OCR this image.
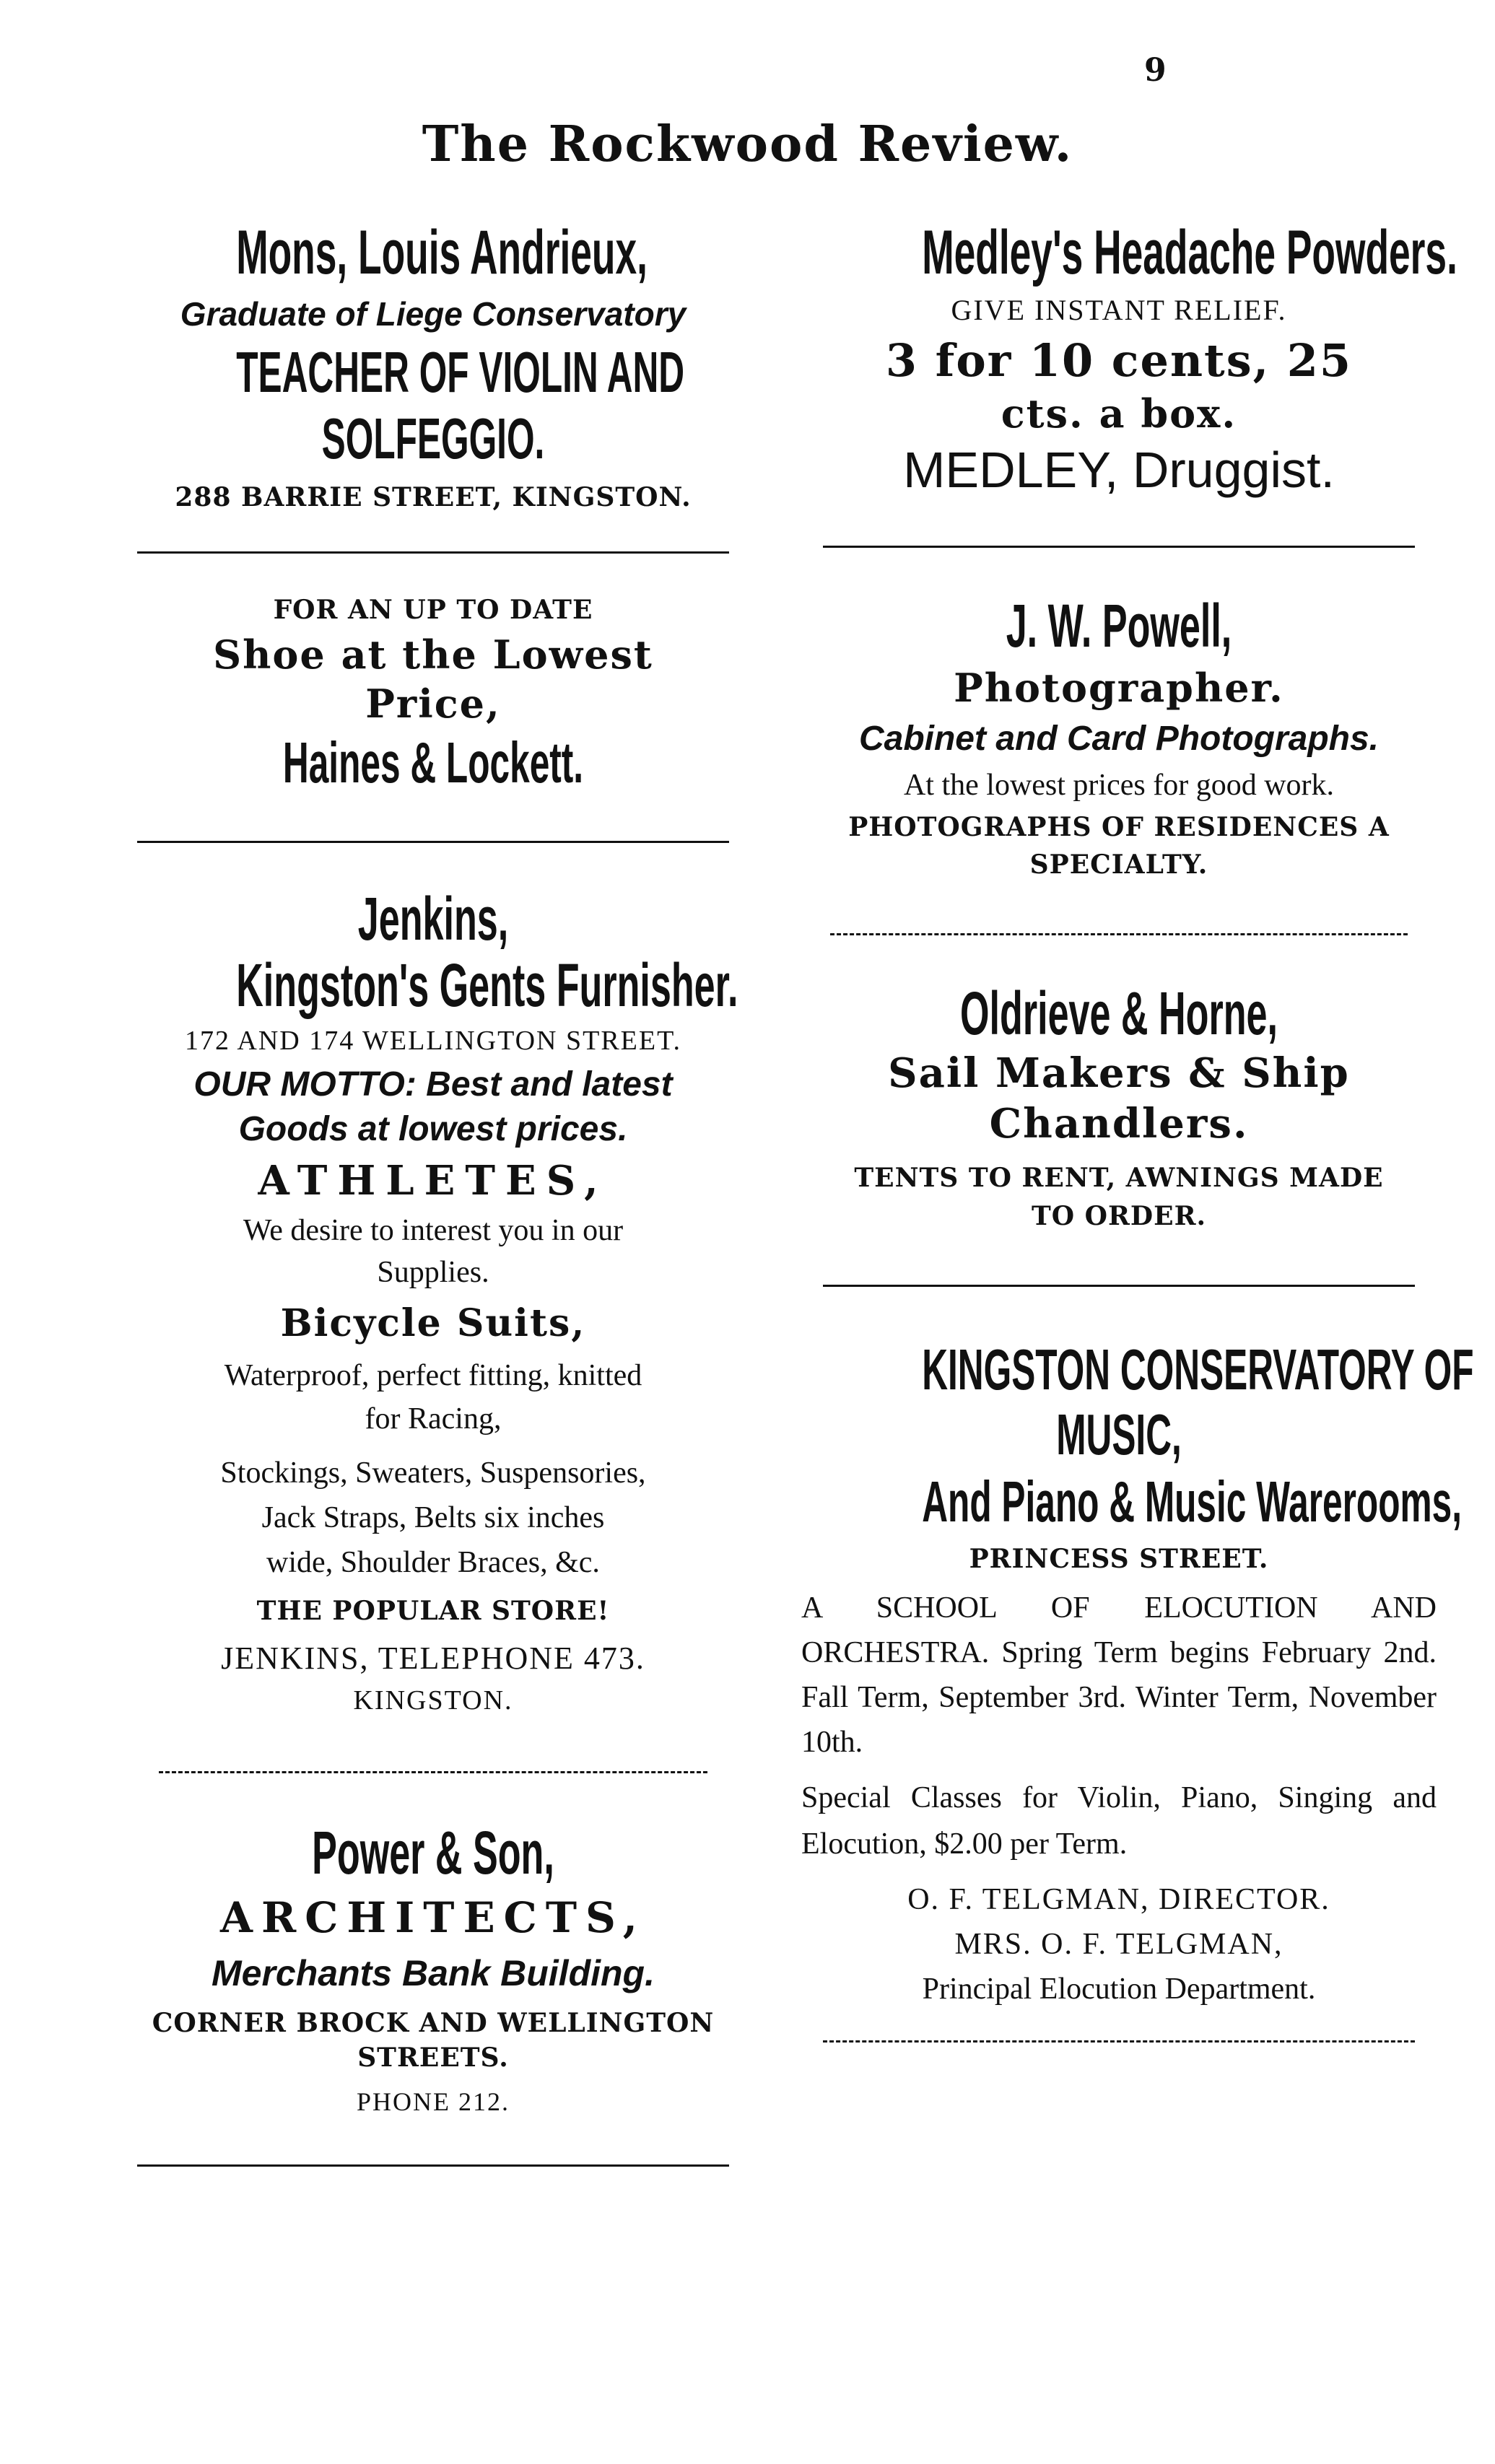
9
The Rockwood Review.
Mons, Louis Andrieux,
Graduate of Liege Conservatory
TEACHER OF VIOLIN AND
SOLFEGGIO.
288 BARRIE STREET, KINGSTON.
FOR AN UP TO DATE
Shoe at the Lowest
Price,
Haines & Lockett.
Jenkins,
Kingston's Gents Furnisher.
172 AND 174 WELLINGTON STREET.
OUR MOTTO: Best and latest
Goods at lowest prices.
ATHLETES,
We desire to interest you in our
Supplies.
Bicycle Suits,
Waterproof, perfect fitting, knitted
for Racing,
Stockings, Sweaters, Suspensories,
Jack Straps, Belts six inches
wide, Shoulder Braces, &c.
THE POPULAR STORE!
JENKINS, TELEPHONE 473.
KINGSTON.
Power & Son,
ARCHITECTS,
Merchants Bank Building.
CORNER BROCK AND WELLINGTON
STREETS.
PHONE 212.
Medley's Headache Powders.
GIVE INSTANT RELIEF.
3 for 10 cents, 25
cts. a box.
MEDLEY, Druggist.
J. W. Powell,
Photographer.
Cabinet and Card Photographs.
At the lowest prices for good work.
PHOTOGRAPHS OF RESIDENCES A
SPECIALTY.
Oldrieve & Horne,
Sail Makers & Ship
Chandlers.
TENTS TO RENT, AWNINGS MADE
TO ORDER.
KINGSTON CONSERVATORY OF
MUSIC,
And Piano & Music Warerooms,
PRINCESS STREET.
A SCHOOL OF ELOCUTION AND ORCHESTRA. Spring Term begins February 2nd. Fall Term, September 3rd. Winter Term, November 10th.
Special Classes for Violin, Piano, Singing and Elocution, $2.00 per Term.
O. F. TELGMAN, DIRECTOR.
MRS. O. F. TELGMAN,
Principal Elocution Department.
